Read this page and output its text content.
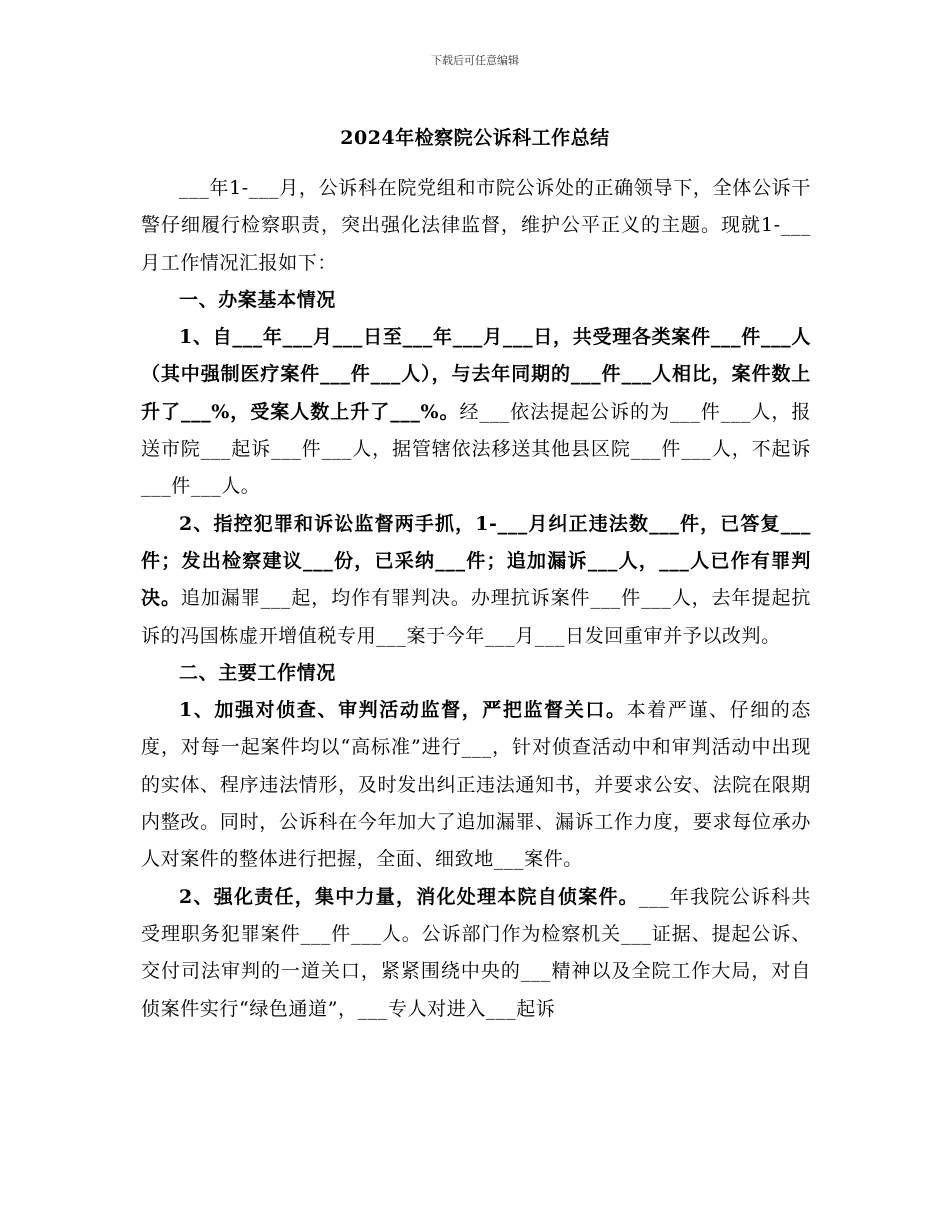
下载后可任意编辑
2024年检察院公诉科工作总结

___年1-___月，公诉科在院党组和市院公诉处的正确领导下，全体公诉干警仔细履行检察职责，突出强化法律监督，维护公平正义的主题。现就1-___月工作情况汇报如下：

一、办案基本情况

1、自___年___月___日至___年___月___日，共受理各类案件___件___人（其中强制医疗案件___件___人），与去年同期的___件___人相比，案件数上升了___%，受案人数上升了___%。经___依法提起公诉的为___件___人，报送市院___起诉___件___人，据管辖依法移送其他县区院___件___人，不起诉___件___人。

2、指控犯罪和诉讼监督两手抓，1-___月纠正违法数___件，已答复___件；发出检察建议___份，已采纳___件；追加漏诉___人，___人已作有罪判决。追加漏罪___起，均作有罪判决。办理抗诉案件___件___人，去年提起抗诉的冯国栋虚开增值税专用___案于今年___月___日发回重审并予以改判。

二、主要工作情况

1、加强对侦查、审判活动监督，严把监督关口。本着严谨、仔细的态度，对每一起案件均以“高标准”进行___，针对侦查活动中和审判活动中出现的实体、程序违法情形，及时发出纠正违法通知书，并要求公安、法院在限期内整改。同时，公诉科在今年加大了追加漏罪、漏诉工作力度，要求每位承办人对案件的整体进行把握，全面、细致地___案件。

2、强化责任，集中力量，消化处理本院自侦案件。___年我院公诉科共受理职务犯罪案件___件___人。公诉部门作为检察机关___证据、提起公诉、交付司法审判的一道关口，紧紧围绕中央的___精神以及全院工作大局，对自侦案件实行“绿色通道”，___专人对进入___起诉
